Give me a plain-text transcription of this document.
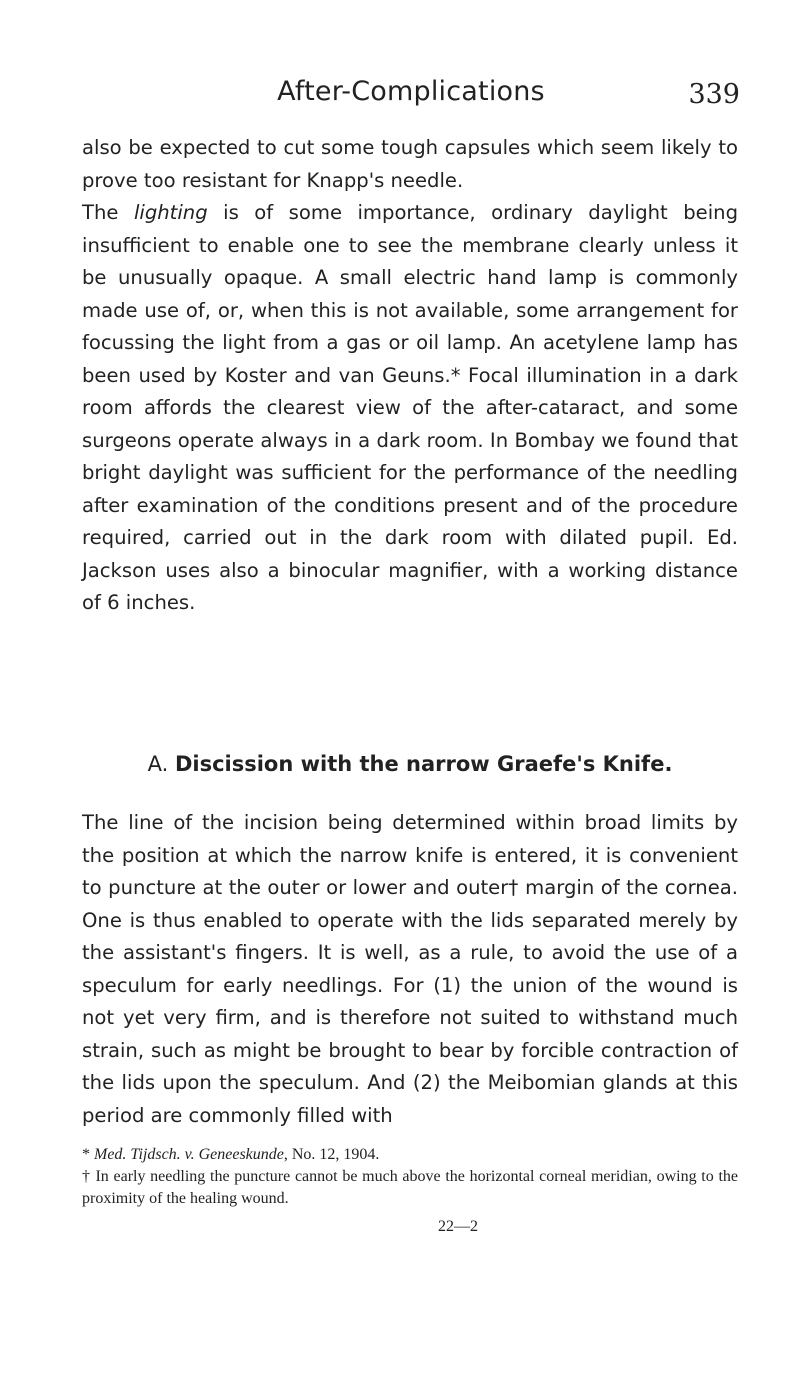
After-Complications	339

also be expected to cut some tough capsules which seem likely to prove too resistant for Knapp's needle.

The lighting is of some importance, ordinary daylight being insufficient to enable one to see the membrane clearly unless it be unusually opaque. A small electric hand lamp is commonly made use of, or, when this is not available, some arrangement for focussing the light from a gas or oil lamp. An acetylene lamp has been used by Koster and van Geuns.* Focal illumination in a dark room affords the clearest view of the after-cataract, and some surgeons operate always in a dark room. In Bombay we found that bright daylight was sufficient for the performance of the needling after examination of the conditions present and of the procedure required, carried out in the dark room with dilated pupil. Ed. Jackson uses also a binocular magnifier, with a working distance of 6 inches.

A. Discission with the narrow Graefe's Knife.

The line of the incision being determined within broad limits by the position at which the narrow knife is entered, it is convenient to puncture at the outer or lower and outer† margin of the cornea. One is thus enabled to operate with the lids separated merely by the assistant's fingers. It is well, as a rule, to avoid the use of a speculum for early needlings. For (1) the union of the wound is not yet very firm, and is therefore not suited to withstand much strain, such as might be brought to bear by forcible contraction of the lids upon the speculum. And (2) the Meibomian glands at this period are commonly filled with

* Med. Tijdsch. v. Geneeskunde, No. 12, 1904.

† In early needling the puncture cannot be much above the horizontal corneal meridian, owing to the proximity of the healing wound.

22—2
